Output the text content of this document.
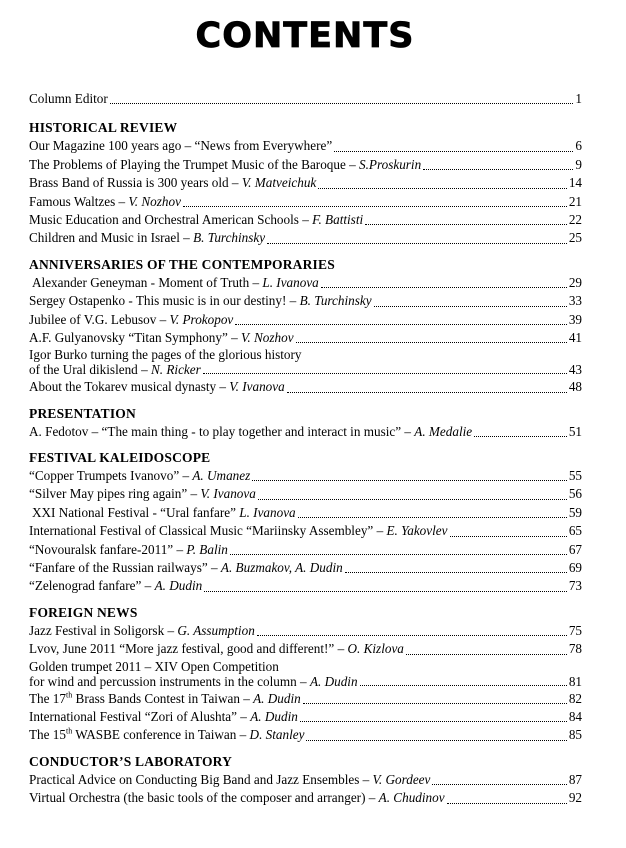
CONTENTS
Column Editor	1
HISTORICAL REVIEW
Our Magazine 100 years ago – “News from Everywhere”	6
The Problems of Playing the Trumpet Music of the Baroque – S.Proskurin	9
Brass Band of Russia is 300 years old – V. Matveichuk	14
Famous Waltzes – V. Nozhov	21
Music Education and Orchestral American Schools – F. Battisti	22
Children and Music in Israel – B. Turchinsky	25
ANNIVERSARIES OF THE CONTEMPORARIES
Alexander Geneyman - Moment of Truth – L. Ivanova	29
Sergey Ostapenko - This music is in our destiny! – B. Turchinsky	33
Jubilee of V.G. Lebusov – V. Prokopov	39
A.F. Gulyanovsky “Titan Symphony” – V. Nozhov	41
Igor Burko turning the pages of the glorious history
of the Ural dikislend – N. Ricker	43
About the Tokarev musical dynasty – V. Ivanova	48
PRESENTATION
A. Fedotov – “The main thing - to play together and interact in music” – A. Medalie	51
FESTIVAL KALEIDOSCOPE
“Copper Trumpets Ivanovo” – A. Umanez	55
“Silver May pipes ring again” – V. Ivanova	56
XXI National Festival - “Ural fanfare” L. Ivanova	59
International Festival of Classical Music “Mariinsky Assembley” – E. Yakovlev	65
“Novouralsk fanfare-2011” – P. Balin	67
“Fanfare of the Russian railways” – A. Buzmakov, A. Dudin	69
“Zelenograd fanfare” – A. Dudin	73
FOREIGN NEWS
Jazz Festival in Soligorsk – G. Assumption	75
Lvov, June 2011 “More jazz festival, good and different!” – O. Kizlova	78
Golden trumpet 2011 – XIV Open Competition
for wind and percussion instruments in the column – A. Dudin	81
The 17th Brass Bands Contest in Taiwan – A. Dudin	82
International Festival “Zori of Alushta” – A. Dudin	84
The 15th WASBE conference in Taiwan – D. Stanley	85
CONDUCTOR’S LABORATORY
Practical Advice on Conducting Big Band and Jazz Ensembles – V. Gordeev	87
Virtual Orchestra (the basic tools of the composer and arranger) – A. Chudinov	92
